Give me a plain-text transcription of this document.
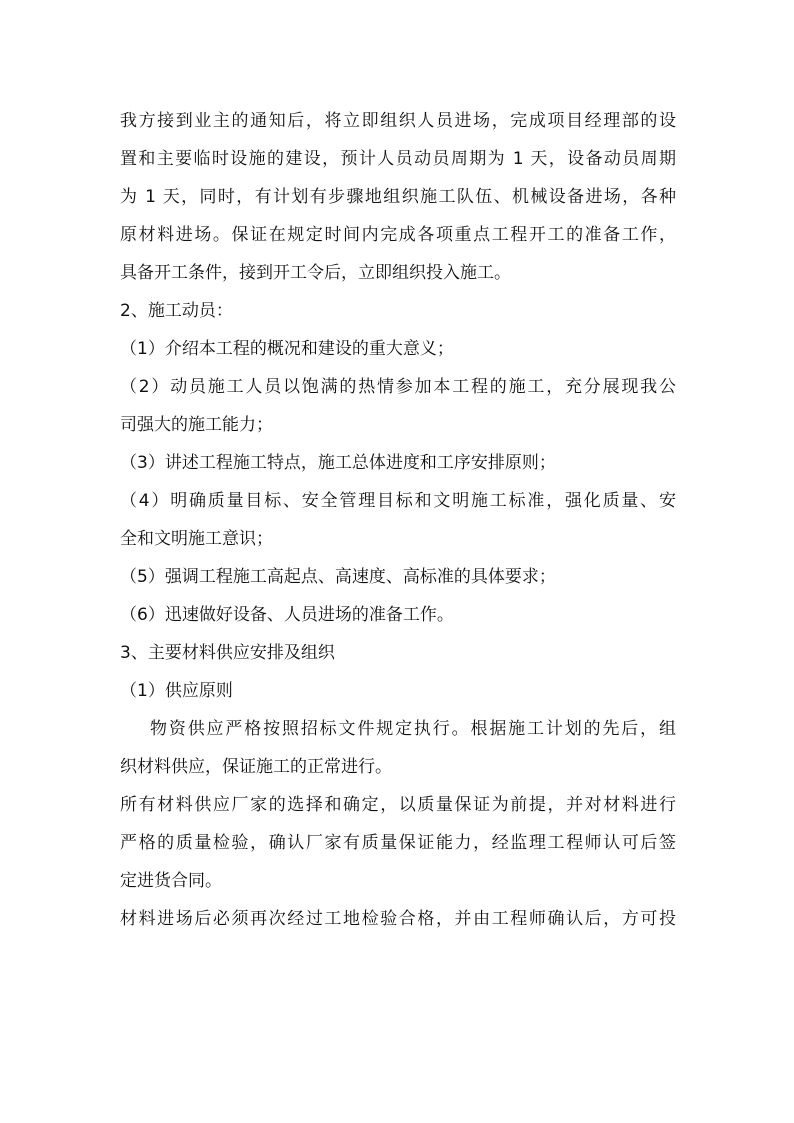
我方接到业主的通知后，将立即组织人员进场，完成项目经理部的设
置和主要临时设施的建设，预计人员动员周期为 1 天，设备动员周期
为 1 天，同时，有计划有步骤地组织施工队伍、机械设备进场，各种
原材料进场。保证在规定时间内完成各项重点工程开工的准备工作，
具备开工条件，接到开工令后，立即组织投入施工。
2、施工动员：
（1）介绍本工程的概况和建设的重大意义；
（2）动员施工人员以饱满的热情参加本工程的施工，充分展现我公
司强大的施工能力；
（3）讲述工程施工特点，施工总体进度和工序安排原则；
（4）明确质量目标、安全管理目标和文明施工标准，强化质量、安
全和文明施工意识；
（5）强调工程施工高起点、高速度、高标准的具体要求；
（6）迅速做好设备、人员进场的准备工作。
3、主要材料供应安排及组织
（1）供应原则
物资供应严格按照招标文件规定执行。根据施工计划的先后，组
织材料供应，保证施工的正常进行。
所有材料供应厂家的选择和确定，以质量保证为前提，并对材料进行
严格的质量检验，确认厂家有质量保证能力，经监理工程师认可后签
定进货合同。
材料进场后必须再次经过工地检验合格，并由工程师确认后，方可投
